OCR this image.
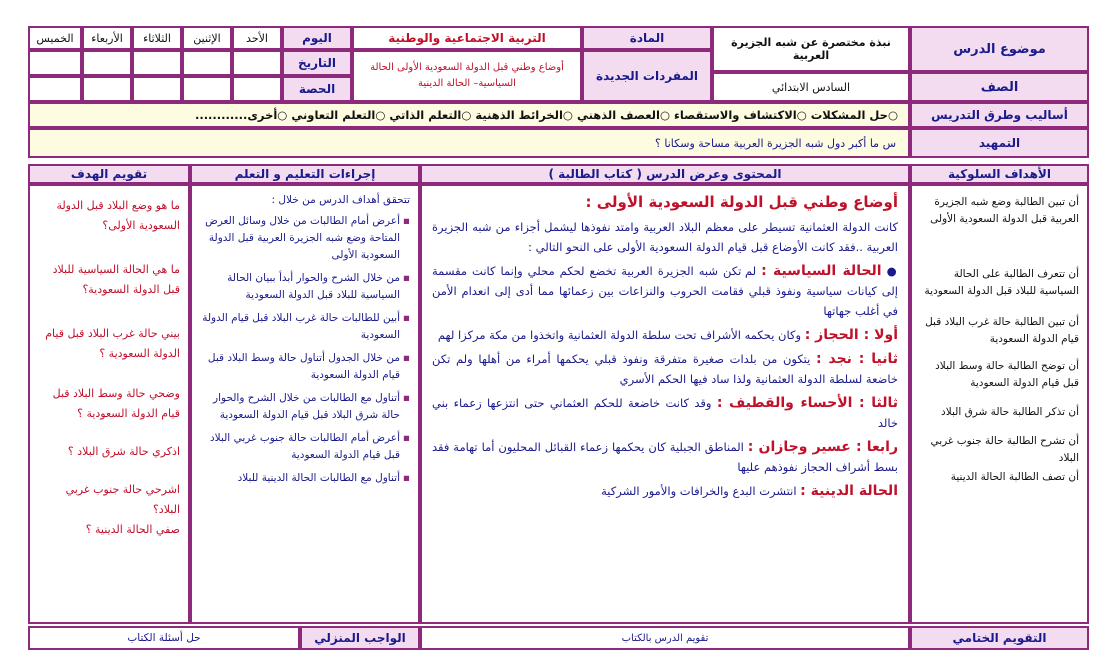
موضوع الدرس
الصف
نبذة مختصرة عن شبه الجزيرة العربية
السادس الابتدائي
المادة
المفردات الجديدة
التربية الاجتماعية والوطنية
أوضاع وطني قبل الدولة السعودية الأولى الحالة السياسية– الحالة الدينية
اليوم
التاريخ
الحصة
الأحد
الإثنين
الثلاثاء
الأربعاء
الخميس
أساليب وطرق التدريس
○حل المشكلات ○الاكتشاف والاستقصاء ○العصف الذهني ○الخرائط الذهنية ○التعلم الذاتي ○التعلم التعاوني ○أخرى............
التمهيد
س ما أكبر دول شبه الجزيرة العربية مساحة وسكانا ؟
الأهداف السلوكية
المحتوى وعرض الدرس ( كتاب الطالبة )
إجراءات التعليم و التعلم
تقويم الهدف
أن تبين الطالبة وضع شبه الجزيرة العربية قبل الدولة السعودية الأولى
أن تتعرف الطالبة على الحالة السياسية للبلاد قبل الدولة السعودية
أن تبين الطالبة حالة غرب البلاد قبل قيام الدولة السعودية
أن توضح الطالبة حالة وسط البلاد قبل قيام الدولة السعودية
أن تذكر الطالبة حالة شرق البلاد
أن تشرح الطالبة حالة جنوب غربي البلاد
أن تصف الطالبة الحالة الدينية

أوضاع وطني قبل الدولة السعودية الأولى :

كانت الدولة العثمانية تسيطر على معظم البلاد العربية وامتد نفوذها ليشمل أجزاء من شبه الجزيرة العربية ..فقد كانت الأوضاع قبل قيام الدولة السعودية الأولى على النحو التالي :

● الحالة السياسية : لم تكن شبه الجزيرة العربية تخضع لحكم محلي وإنما كانت مقسمة إلى كيانات سياسية ونفوذ قبلي فقامت الحروب والنزاعات بين زعمائها مما أدى إلى انعدام الأمن في أغلب جهاتها

أولا : الحجاز : وكان يحكمه الأشراف تحت سلطة الدولة العثمانية واتخذوا من مكة مركزا لهم

ثانيا : نجد : يتكون من بلدات صغيرة متفرقة ونفوذ قبلي يحكمها أمراء من أهلها ولم تكن خاضعة لسلطة الدولة العثمانية ولذا ساد فيها الحكم الأسري

ثالثا : الأحساء والقطيف : وقد كانت خاضعة للحكم العثماني حتى انتزعها زعماء بني خالد

رابعا : عسير وجازان : المناطق الجبلية كان يحكمها زعماء القبائل المحليون أما تهامة فقد بسط أشراف الحجاز نفوذهم عليها

الحالة الدينية : انتشرت البدع والخرافات والأمور الشركية

تتحقق أهداف الدرس من خلال :
▪ أعرض أمام الطالبات من خلال وسائل العرض المتاحة وضع شبه الجزيرة العربية قبل الدولة السعودية الأولى
▪ من خلال الشرح والحوار أبدأ ببيان الحالة السياسية للبلاد قبل الدولة السعودية
▪ أبين للطالبات حالة غرب البلاد قبل قيام الدولة السعودية
▪ من خلال الجدول أتناول حالة وسط البلاد قبل قيام الدولة السعودية
▪ أتناول مع الطالبات من خلال الشرح والحوار حالة شرق البلاد قبل قيام الدولة السعودية
▪ أعرض أمام الطالبات حالة جنوب غربي البلاد قبل قيام الدولة السعودية
▪ أتناول مع الطالبات الحالة الدينية للبلاد
ما هو وضع البلاد قبل الدولة السعودية الأولى؟
ما هي الحالة السياسية للبلاد قبل الدولة السعودية؟
بيني حالة غرب البلاد قبل قيام الدولة السعودية ؟
وضحي حالة وسط البلاد قبل قيام الدولة السعودية ؟
اذكري حالة شرق البلاد ؟
اشرحي حالة جنوب غربي البلاد؟
صفي الحالة الدينية ؟
التقويم الختامي
تقويم الدرس بالكتاب
الواجب المنزلي
حل أسئلة الكتاب
